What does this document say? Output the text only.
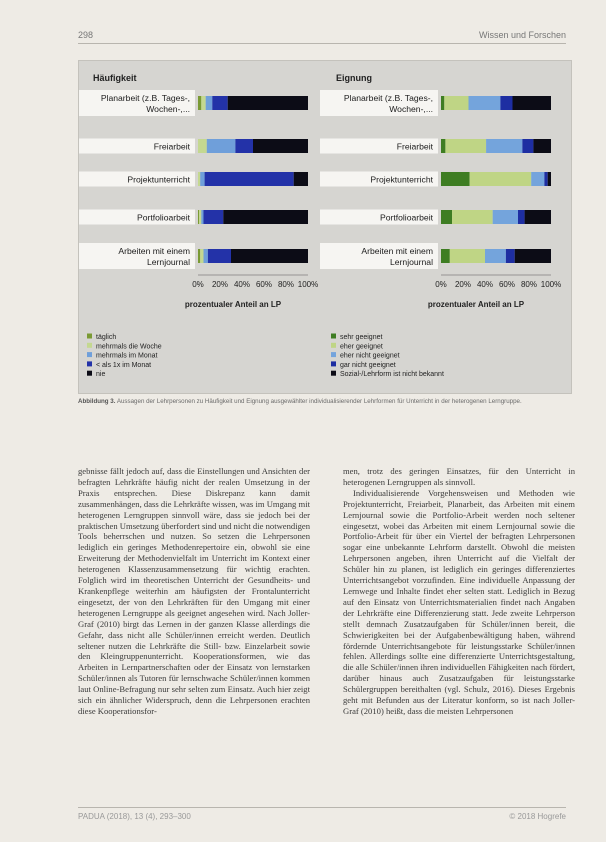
298	Wissen und Forschen
Häufigkeit
Planarbeit (z.B. Tages-,
Wochen-,...
Freiarbeit
Projektunterricht
Portfolioarbeit
Arbeiten mit einem
Lernjournal
0% 20% 40% 60% 80% 100%
prozentualer Anteil an LP
täglich
mehrmals die Woche
mehrmals im Monat
< als 1x im Monat
nie
Eignung
Planarbeit (z.B. Tages-,
Wochen-,...
Freiarbeit
Projektunterricht
Portfolioarbeit
Arbeiten mit einem
Lernjournal
0% 20% 40% 60% 80% 100%
prozentualer Anteil an LP
sehr geeignet
eher geeignet
eher nicht geeignet
gar nicht geeignet
Sozial-/Lehrform ist nicht bekannt
Abbildung 3. Aussagen der Lehrpersonen zu Häufigkeit und Eignung ausgewählter individualisierender Lehrformen für Unterricht in der heterogenen Lerngruppe.

gebnisse fällt jedoch auf, dass die Einstellungen und Ansichten der befragten Lehrkräfte häufig nicht der realen Umsetzung in der Praxis entsprechen. Diese Diskrepanz kann damit zusammenhängen, dass die Lehrkräfte wissen, was im Umgang mit heterogenen Lerngruppen sinnvoll wäre, dass sie jedoch bei der praktischen Umsetzung überfordert sind und nicht die notwendigen Tools beherrschen und nutzen. So setzen die Lehrpersonen lediglich ein geringes Methodenrepertoire ein, obwohl sie eine Erweiterung der Methodenvielfalt im Unterricht im Kontext einer heterogenen Klassenzusammensetzung für wichtig erachten. Folglich wird im theoretischen Unterricht der Gesundheits- und Krankenpflege weiterhin am häufigsten der Frontalunterricht eingesetzt, der von den Lehrkräften für den Umgang mit einer heterogenen Lerngruppe als geeignet angesehen wird. Nach Joller-Graf (2010) birgt das Lernen in der ganzen Klasse allerdings die Gefahr, dass nicht alle Schüler/innen erreicht werden. Deutlich seltener nutzen die Lehrkräfte die Still- bzw. Einzelarbeit sowie den Kleingruppenunterricht. Kooperationsformen, wie das Arbeiten in Lernpartnerschaften oder der Einsatz von lernstarken Schüler/innen als Tutoren für lernschwache Schüler/innen kommen laut Online-Befragung nur sehr selten zum Einsatz. Auch hier zeigt sich ein ähnlicher Widerspruch, denn die Lehrpersonen erachten diese Kooperationsfor-

men, trotz des geringen Einsatzes, für den Unterricht in heterogenen Lerngruppen als sinnvoll.

Individualisierende Vorgehensweisen und Methoden wie Projektunterricht, Freiarbeit, Planarbeit, das Arbeiten mit einem Lernjournal sowie die Portfolio-Arbeit werden noch seltener eingesetzt, wobei das Arbeiten mit einem Lernjournal sowie die Portfolio-Arbeit für über ein Viertel der befragten Lehrpersonen sogar eine unbekannte Lehrform darstellt. Obwohl die meisten Lehrpersonen angeben, ihren Unterricht auf die Vielfalt der Schüler hin zu planen, ist lediglich ein geringes differenziertes Unterrichtsangebot vorzufinden. Eine individuelle Anpassung der Lernwege und Inhalte findet eher selten statt. Lediglich in Bezug auf den Einsatz von Unterrichtsmaterialien findet nach Angaben der Lehrkräfte eine Differenzierung statt. Jede zweite Lehrperson stellt demnach Zusatzaufgaben für Schüler/innen bereit, die Schwierigkeiten bei der Aufgabenbewältigung haben, während fördernde Unterrichtsangebote für leistungsstarke Schüler/innen fehlen. Allerdings sollte eine differenzierte Unterrichtsgestaltung, die alle Schüler/innen ihren individuellen Fähigkeiten nach fördert, darüber hinaus auch Zusatzaufgaben für leistungsstarke Schülergruppen bereithalten (vgl. Schulz, 2016). Dieses Ergebnis geht mit Befunden aus der Literatur konform, so ist nach Joller-Graf (2010) heißt, dass die meisten Lehrpersonen

PADUA (2018), 13 (4), 293–300	© 2018 Hogrefe
